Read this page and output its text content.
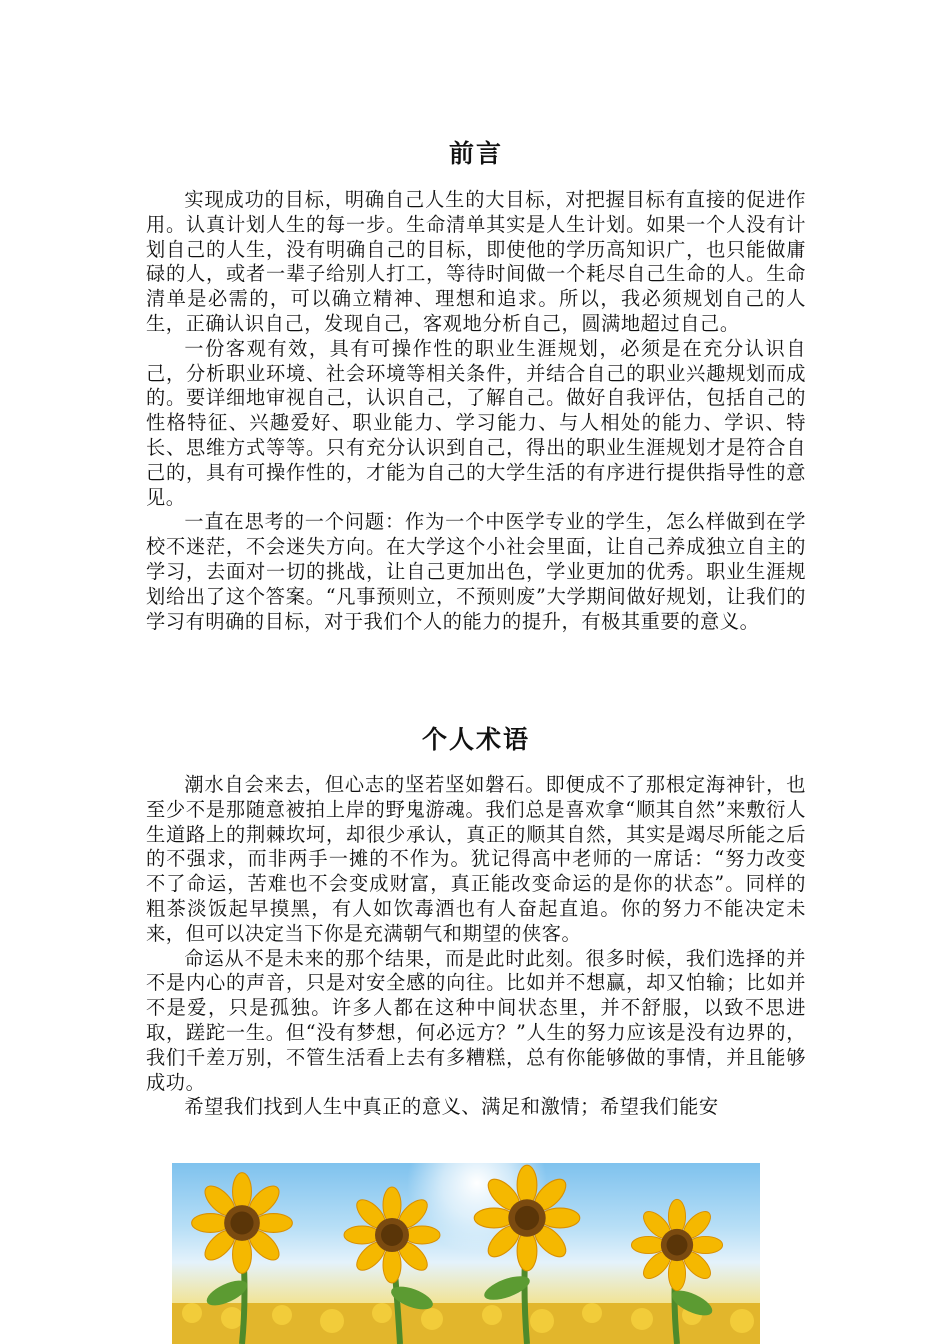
前言

实现成功的目标，明确自己人生的大目标，对把握目标有直接的促进作用。认真计划人生的每一步。生命清单其实是人生计划。如果一个人没有计划自己的人生，没有明确自己的目标，即使他的学历高知识广，也只能做庸碌的人，或者一辈子给别人打工，等待时间做一个耗尽自己生命的人。生命清单是必需的，可以确立精神、理想和追求。所以，我必须规划自己的人生，正确认识自己，发现自己，客观地分析自己，圆满地超过自己。

一份客观有效，具有可操作性的职业生涯规划，必须是在充分认识自己，分析职业环境、社会环境等相关条件，并结合自己的职业兴趣规划而成的。要详细地审视自己，认识自己，了解自己。做好自我评估，包括自己的性格特征、兴趣爱好、职业能力、学习能力、与人相处的能力、学识、特长、思维方式等等。只有充分认识到自己，得出的职业生涯规划才是符合自己的，具有可操作性的，才能为自己的大学生活的有序进行提供指导性的意见。

一直在思考的一个问题：作为一个中医学专业的学生，怎么样做到在学校不迷茫，不会迷失方向。在大学这个小社会里面，让自己养成独立自主的学习，去面对一切的挑战，让自己更加出色，学业更加的优秀。职业生涯规划给出了这个答案。“凡事预则立，不预则废”大学期间做好规划，让我们的学习有明确的目标，对于我们个人的能力的提升，有极其重要的意义。

个人术语

潮水自会来去，但心志的坚若坚如磐石。即便成不了那根定海神针，也至少不是那随意被拍上岸的野鬼游魂。我们总是喜欢拿“顺其自然”来敷衍人生道路上的荆棘坎坷，却很少承认，真正的顺其自然，其实是竭尽所能之后的不强求，而非两手一摊的不作为。犹记得高中老师的一席话：“努力改变不了命运，苦难也不会变成财富，真正能改变命运的是你的状态”。同样的粗茶淡饭起早摸黑，有人如饮毒酒也有人奋起直追。你的努力不能决定未来，但可以决定当下你是充满朝气和期望的侠客。

命运从不是未来的那个结果，而是此时此刻。很多时候，我们选择的并不是内心的声音，只是对安全感的向往。比如并不想赢，却又怕输；比如并不是爱，只是孤独。许多人都在这种中间状态里，并不舒服，以致不思进取，蹉跎一生。但“没有梦想，何必远方？”人生的努力应该是没有边界的，我们千差万别，不管生活看上去有多糟糕，总有你能够做的事情，并且能够成功。

希望我们找到人生中真正的意义、满足和激情；希望我们能安
